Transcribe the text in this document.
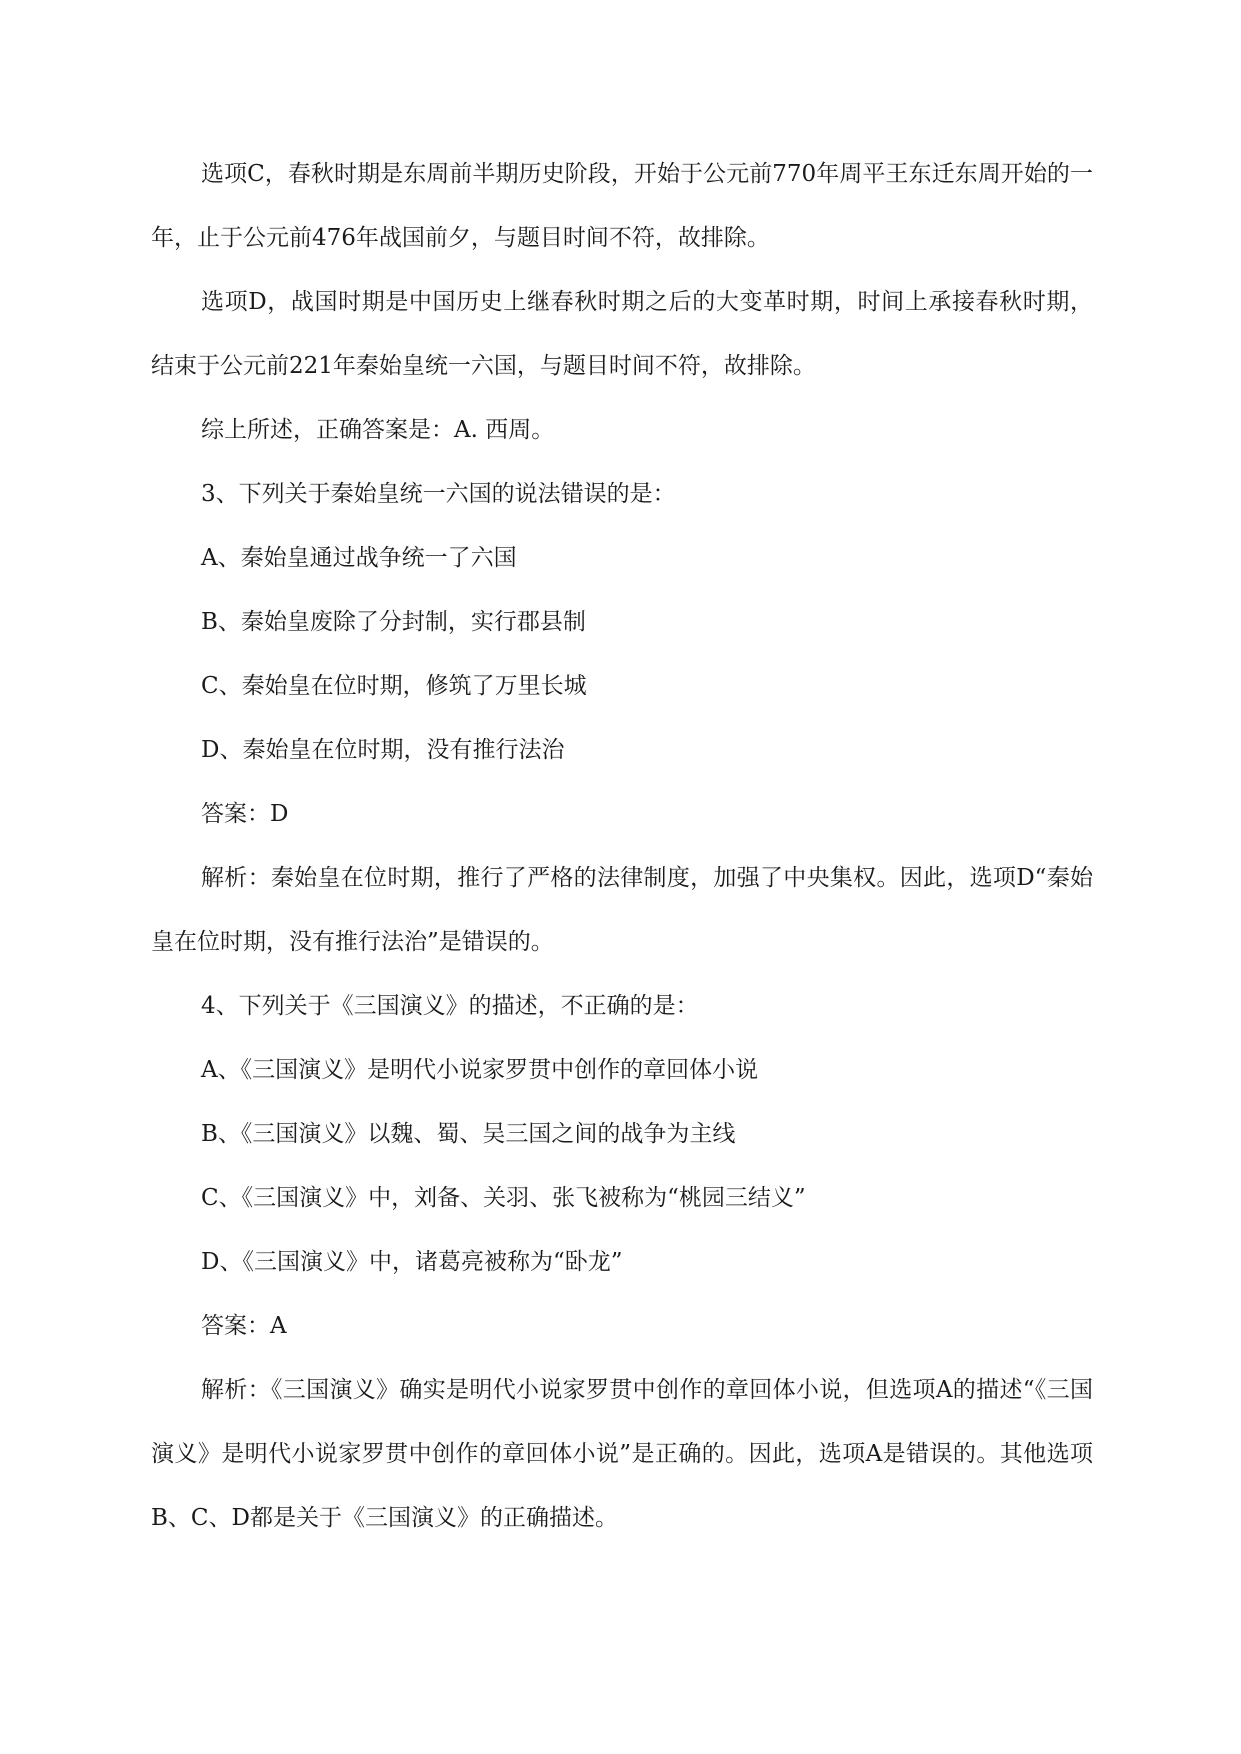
选项C，春秋时期是东周前半期历史阶段，开始于公元前770年周平王东迁东周开始的一年，止于公元前476年战国前夕，与题目时间不符，故排除。

选项D，战国时期是中国历史上继春秋时期之后的大变革时期，时间上承接春秋时期，结束于公元前221年秦始皇统一六国，与题目时间不符，故排除。

综上所述，正确答案是：A. 西周。

3、下列关于秦始皇统一六国的说法错误的是：

A、秦始皇通过战争统一了六国

B、秦始皇废除了分封制，实行郡县制

C、秦始皇在位时期，修筑了万里长城

D、秦始皇在位时期，没有推行法治

答案：D

解析：秦始皇在位时期，推行了严格的法律制度，加强了中央集权。因此，选项D“秦始皇在位时期，没有推行法治”是错误的。

4、下列关于《三国演义》的描述，不正确的是：

A、《三国演义》是明代小说家罗贯中创作的章回体小说

B、《三国演义》以魏、蜀、吴三国之间的战争为主线

C、《三国演义》中，刘备、关羽、张飞被称为“桃园三结义”

D、《三国演义》中，诸葛亮被称为“卧龙”

答案：A

解析：《三国演义》确实是明代小说家罗贯中创作的章回体小说，但选项A的描述“《三国演义》是明代小说家罗贯中创作的章回体小说”是正确的。因此，选项A是错误的。其他选项B、C、D都是关于《三国演义》的正确描述。
